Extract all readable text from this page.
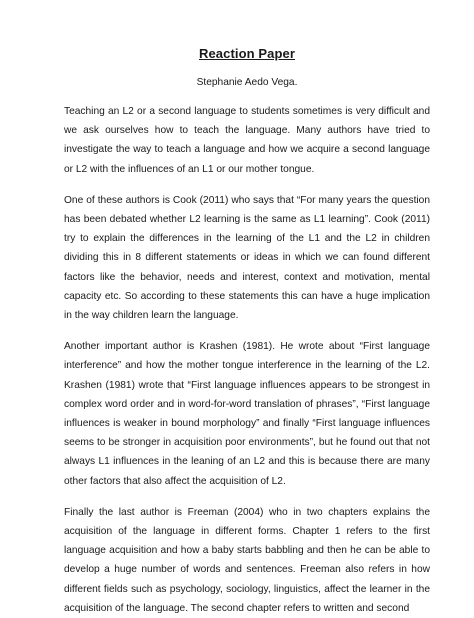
Reaction Paper

Stephanie Aedo Vega.

Teaching an L2 or a second language to students sometimes is very difficult and we ask ourselves how to teach the language. Many authors have tried to investigate the way to teach a language and how we acquire a second language or L2 with the influences of an L1 or our mother tongue.

One of these authors is Cook (2011) who says that “For many years the question has been debated whether L2 learning is the same as L1 learning”. Cook (2011) try to explain the differences in the learning of the L1 and the L2 in children dividing this in 8 different statements or ideas in which we can found different factors like the behavior, needs and interest, context and motivation, mental capacity etc. So according to these statements this can have a huge implication in the way children learn the language.

Another important author is Krashen (1981). He wrote about “First language interference” and how the mother tongue interference in the learning of the L2. Krashen (1981) wrote that “First language influences appears to be strongest in complex word order and in word-for-word translation of phrases”, “First language influences is weaker in bound morphology” and finally “First language influences seems to be stronger in acquisition poor environments”, but he found out that not always L1 influences in the leaning of an L2 and this is because there are many other factors that also affect the acquisition of L2.

Finally the last author is Freeman (2004) who in two chapters explains the acquisition of the language in different forms. Chapter 1 refers to the first language acquisition and how a baby starts babbling and then he can be able to develop a huge number of words and sentences. Freeman also refers in how different fields such as psychology, sociology, linguistics, affect the learner in the acquisition of the language. The second chapter refers to written and second
